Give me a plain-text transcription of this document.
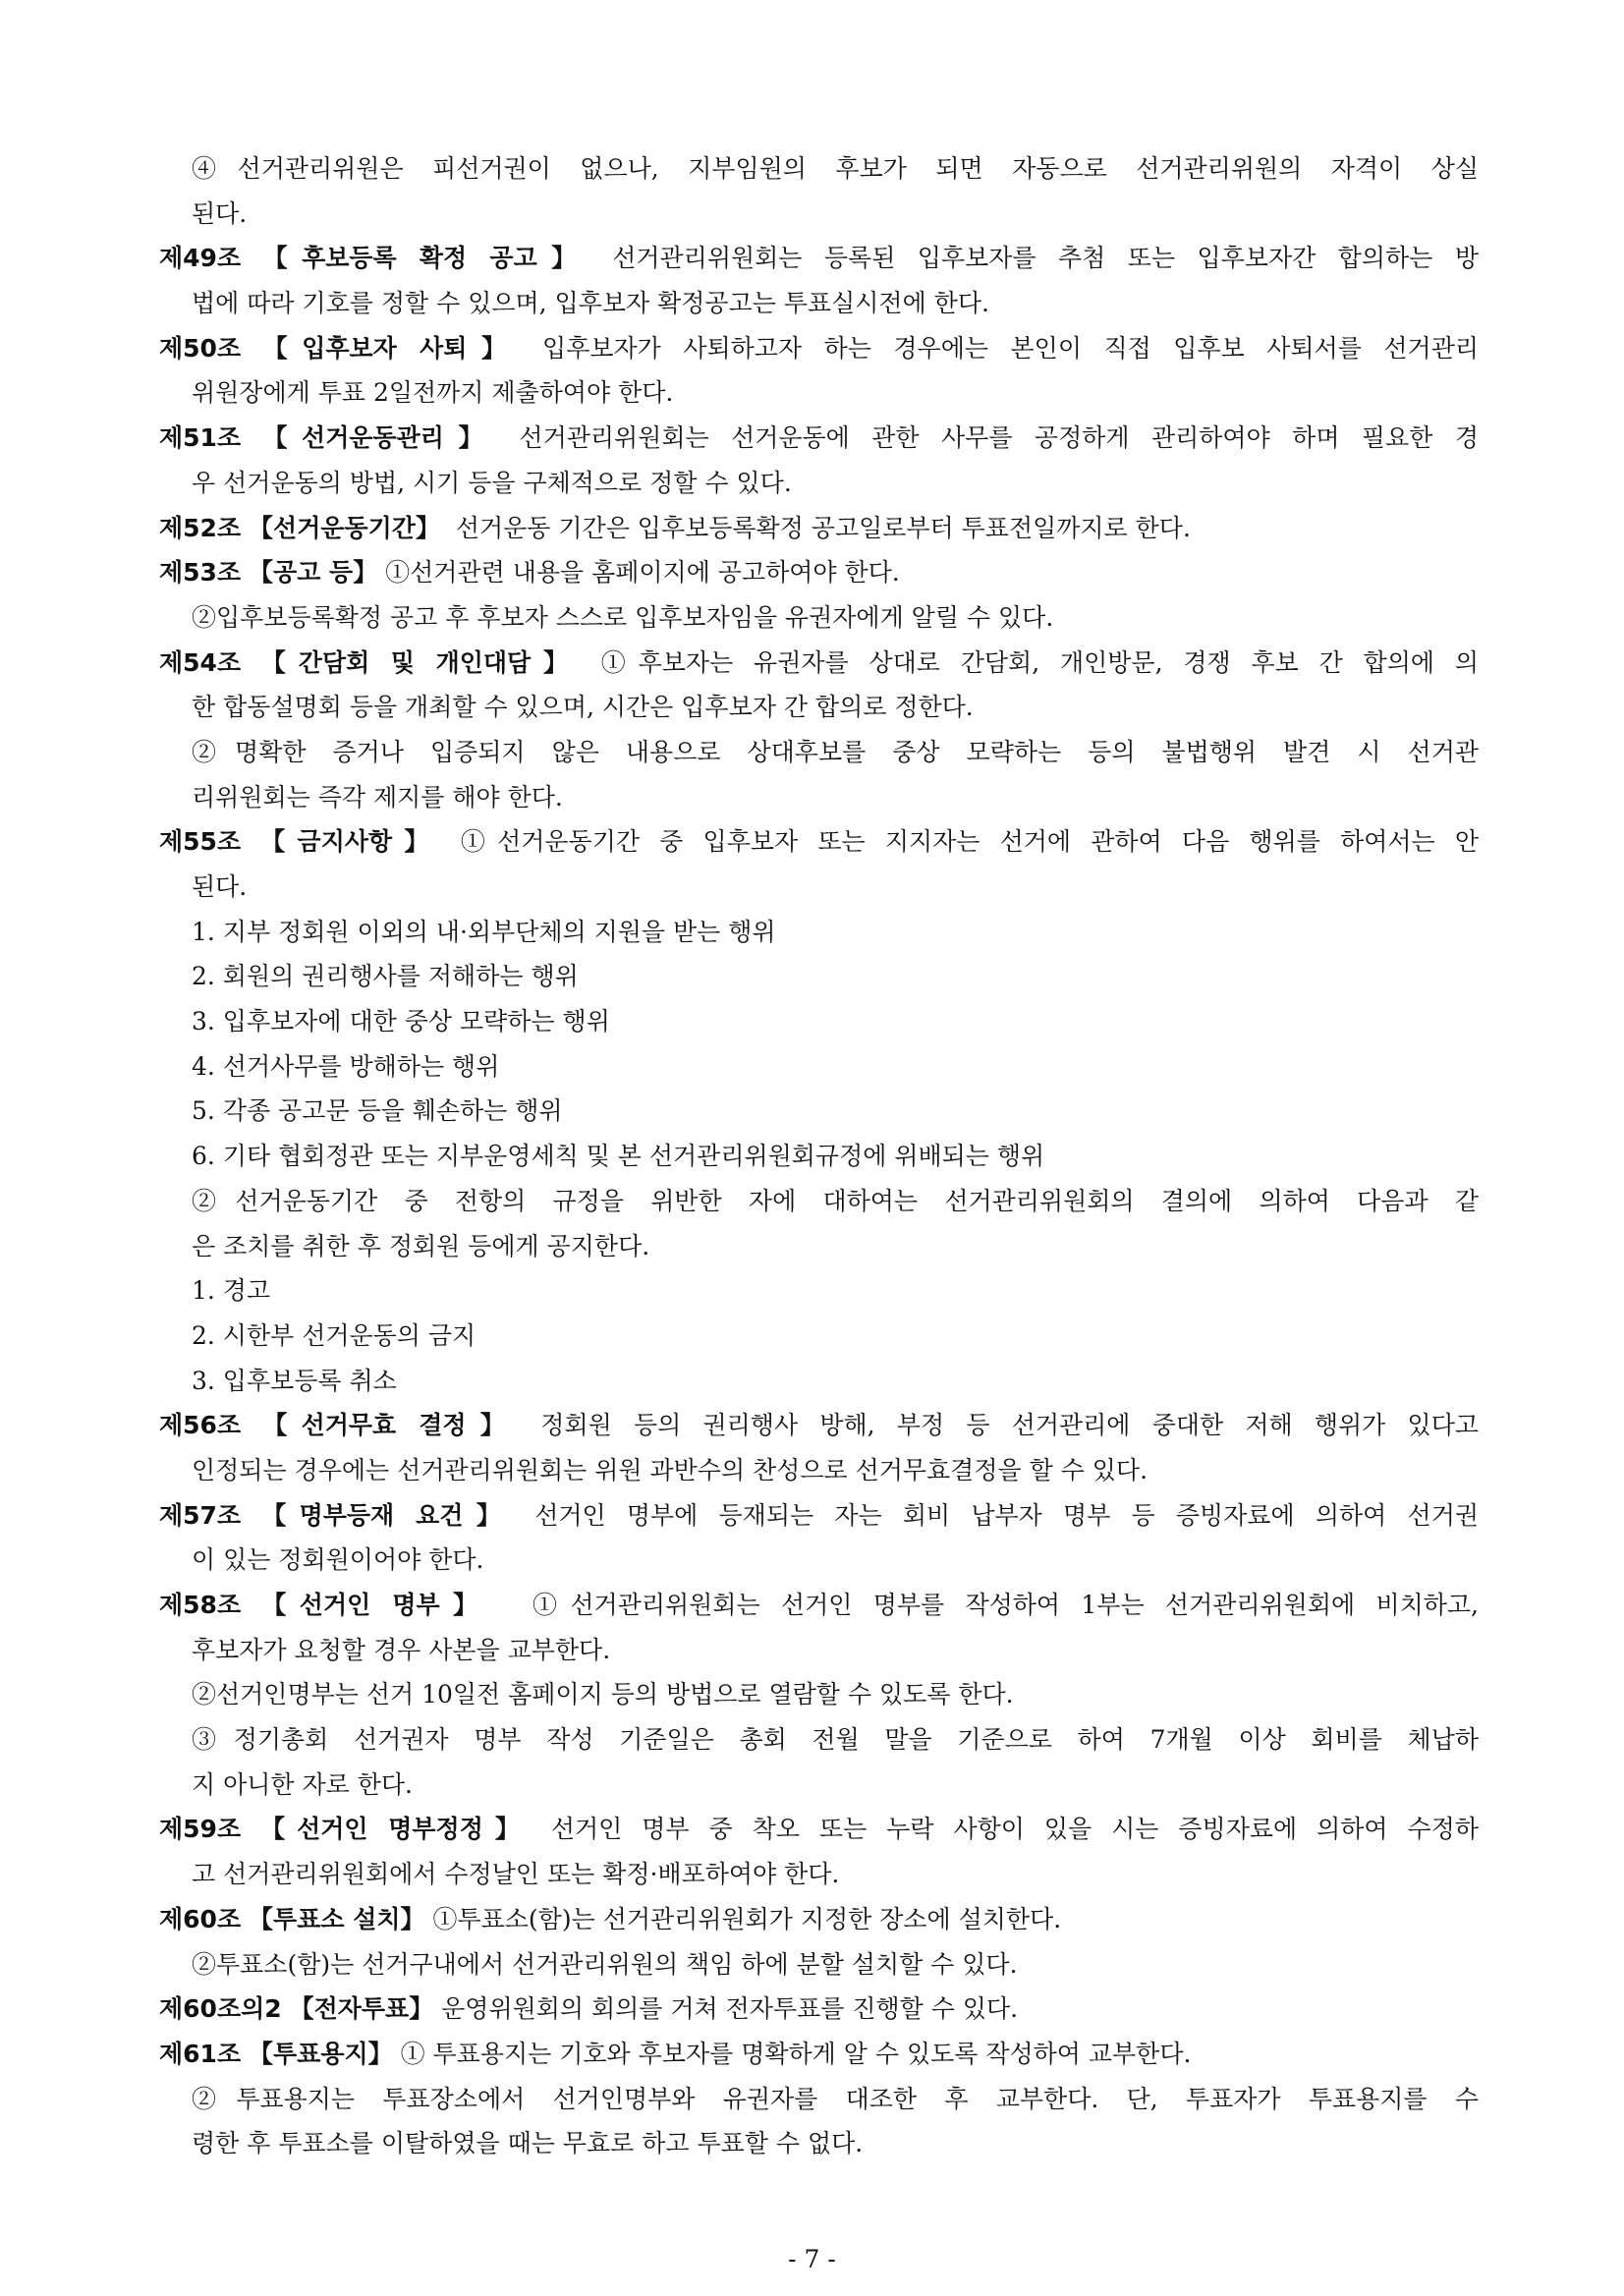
④선거관리위원은 피선거권이 없으나, 지부임원의 후보가 되면 자동으로 선거관리위원의 자격이 상실
된다.
제49조 【후보등록 확정 공고】 선거관리위원회는 등록된 입후보자를 추첨 또는 입후보자간 합의하는 방
법에 따라 기호를 정할 수 있으며, 입후보자 확정공고는 투표실시전에 한다.
제50조 【입후보자 사퇴】 입후보자가 사퇴하고자 하는 경우에는 본인이 직접 입후보 사퇴서를 선거관리
위원장에게 투표 2일전까지 제출하여야 한다.
제51조 【선거운동관리】 선거관리위원회는 선거운동에 관한 사무를 공정하게 관리하여야 하며 필요한 경
우 선거운동의 방법, 시기 등을 구체적으로 정할 수 있다.
제52조 【선거운동기간】 선거운동 기간은 입후보등록확정 공고일로부터 투표전일까지로 한다.
제53조 【공고 등】 ①선거관련 내용을 홈페이지에 공고하여야 한다.
②입후보등록확정 공고 후 후보자 스스로 입후보자임을 유권자에게 알릴 수 있다.
제54조 【간담회 및 개인대담】 ①후보자는 유권자를 상대로 간담회, 개인방문, 경쟁 후보 간 합의에 의
한 합동설명회 등을 개최할 수 있으며, 시간은 입후보자 간 합의로 정한다.
②명확한 증거나 입증되지 않은 내용으로 상대후보를 중상 모략하는 등의 불법행위 발견 시 선거관
리위원회는 즉각 제지를 해야 한다.
제55조 【금지사항】 ①선거운동기간 중 입후보자 또는 지지자는 선거에 관하여 다음 행위를 하여서는 안
된다.
1. 지부 정회원 이외의 내·외부단체의 지원을 받는 행위
2. 회원의 권리행사를 저해하는 행위
3. 입후보자에 대한 중상 모략하는 행위
4. 선거사무를 방해하는 행위
5. 각종 공고문 등을 훼손하는 행위
6. 기타 협회정관 또는 지부운영세칙 및 본 선거관리위원회규정에 위배되는 행위
②선거운동기간 중 전항의 규정을 위반한 자에 대하여는 선거관리위원회의 결의에 의하여 다음과 같
은 조치를 취한 후 정회원 등에게 공지한다.
1. 경고
2. 시한부 선거운동의 금지
3. 입후보등록 취소
제56조 【선거무효 결정】 정회원 등의 권리행사 방해, 부정 등 선거관리에 중대한 저해 행위가 있다고
인정되는 경우에는 선거관리위원회는 위원 과반수의 찬성으로 선거무효결정을 할 수 있다.
제57조 【명부등재 요건】 선거인 명부에 등재되는 자는 회비 납부자 명부 등 증빙자료에 의하여 선거권
이 있는 정회원이어야 한다.
제58조 【선거인 명부】 ①선거관리위원회는 선거인 명부를 작성하여 1부는 선거관리위원회에 비치하고,
후보자가 요청할 경우 사본을 교부한다.
②선거인명부는 선거 10일전 홈페이지 등의 방법으로 열람할 수 있도록 한다.
③정기총회 선거권자 명부 작성 기준일은 총회 전월 말을 기준으로 하여 7개월 이상 회비를 체납하
지 아니한 자로 한다.
제59조 【선거인 명부정정】 선거인 명부 중 착오 또는 누락 사항이 있을 시는 증빙자료에 의하여 수정하
고 선거관리위원회에서 수정날인 또는 확정·배포하여야 한다.
제60조 【투표소 설치】 ①투표소(함)는 선거관리위원회가 지정한 장소에 설치한다.
②투표소(함)는 선거구내에서 선거관리위원의 책임 하에 분할 설치할 수 있다.
제60조의2 【전자투표】 운영위원회의 회의를 거쳐 전자투표를 진행할 수 있다.
제61조 【투표용지】 ① 투표용지는 기호와 후보자를 명확하게 알 수 있도록 작성하여 교부한다.
②투표용지는 투표장소에서 선거인명부와 유권자를 대조한 후 교부한다. 단, 투표자가 투표용지를 수
령한 후 투표소를 이탈하였을 때는 무효로 하고 투표할 수 없다.
- 7 -
